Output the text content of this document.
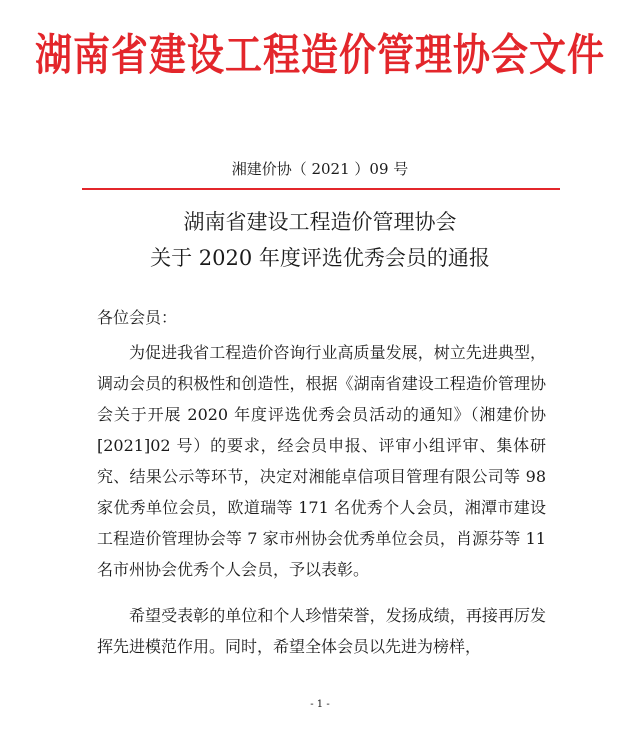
湖南省建设工程造价管理协会文件
湘建价协（ 2021 ）09 号
湖南省建设工程造价管理协会
关于 2020 年度评选优秀会员的通报
各位会员：
为促进我省工程造价咨询行业高质量发展，树立先进典型，调动会员的积极性和创造性，根据《湖南省建设工程造价管理协会关于开展 2020 年度评选优秀会员活动的通知》（湘建价协[2021]02 号）的要求，经会员申报、评审小组评审、集体研究、结果公示等环节，决定对湘能卓信项目管理有限公司等 98 家优秀单位会员，欧道瑞等 171 名优秀个人会员，湘潭市建设工程造价管理协会等 7 家市州协会优秀单位会员，肖源芬等 11 名市州协会优秀个人会员，予以表彰。
希望受表彰的单位和个人珍惜荣誉，发扬成绩，再接再厉发挥先进模范作用。同时，希望全体会员以先进为榜样，
- 1 -
